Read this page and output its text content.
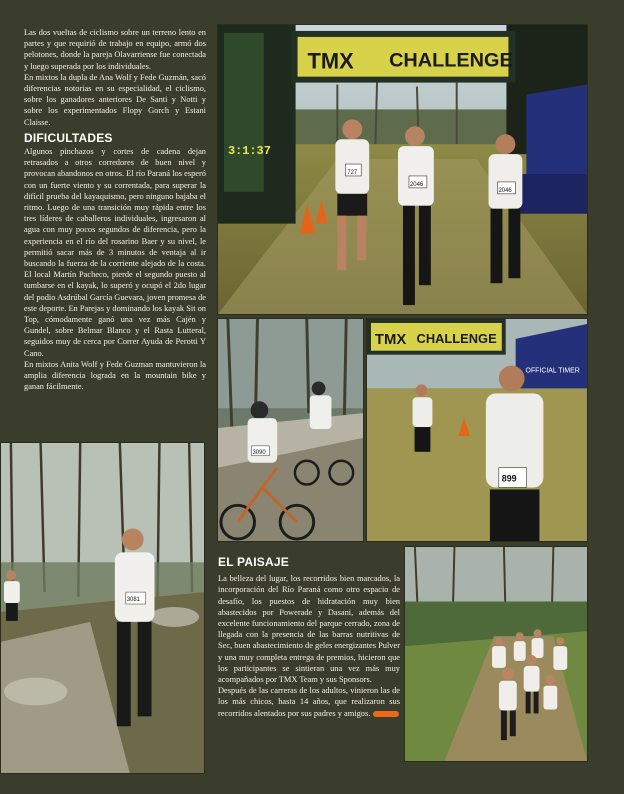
Las dos vueltas de ciclismo sobre un terreno lento en partes y que requirió de trabajo en equipo, armó dos pelotones, donde la pareja Olavarriense fue conectada y luego superada por los individuales.

En mixtos la dupla de Ana Wolf y Fede Guzmán, sacó diferencias notorias en su especialidad, el ciclismo, sobre los ganadores anteriores De Santi y Notti y sobre los experimentados Flopy Gorch y Estani Claisse.

DIFICULTADES

Algunos pinchazos y cortes de cadena dejan retrasados a otros corredores de buen nivel y provocan abandonos en otros. El río Paraná los esperó con un fuerte viento y su correntada, para superar la difícil prueba del kayaquismo, pero ninguno bajaba el ritmo. Luego de una transición muy rápida entre los tres líderes de caballeros individuales, ingresaron al agua con muy pocos segundos de diferencia, pero la experiencia en el río del rosarino Baer y su nivel, le permitió sacar más de 3 minutos de ventaja al ir buscando la fuerza de la corriente alejado de la costa. El local Martín Pacheco, pierde el segundo puesto al tumbarse en el kayak, lo superó y ocupó el 2do lugar del podio Asdrúbal García Guevara, joven promesa de este deporte. En Parejas y dominando los kayak Sit on Top, cómodamente ganó una vez más Cajén y Gundel, sobre Belmar Blanco y el Rasta Lutteral, seguidos muy de cerca por Correr Ayuda de Perotti Y Cano.

En mixtos Anita Wolf y Fede Guzman mantuvieron la amplia diferencia lograda en la mountain bike y ganan fácilmente.

TMX CHALLENGE
3:1:37
727
2046
2046
3090
TMX CHALLENGE
OFFICIAL TIMER
899
3081
EL PAISAJE

La belleza del lugar, los recorridos bien marcados, la incorporación del Río Paraná como otro espacio de desafío, los puestos de hidratación muy bien abastecidos por Powerade y Dasani, además del excelente funcionamiento del parque cerrado, zona de llegada con la presencia de las barras nutritivas de Sec, buen abastecimiento de geles energizantes Pulver y una muy completa entrega de premios, hicieron que los participantes se sintieran una vez más muy acompañados por TMX Team y sus Sponsors.

Después de las carreras de los adultos, vinieron las de los más chicos, hasta 14 años, que realizaron sus recorridos alentados por sus padres y amigos.
